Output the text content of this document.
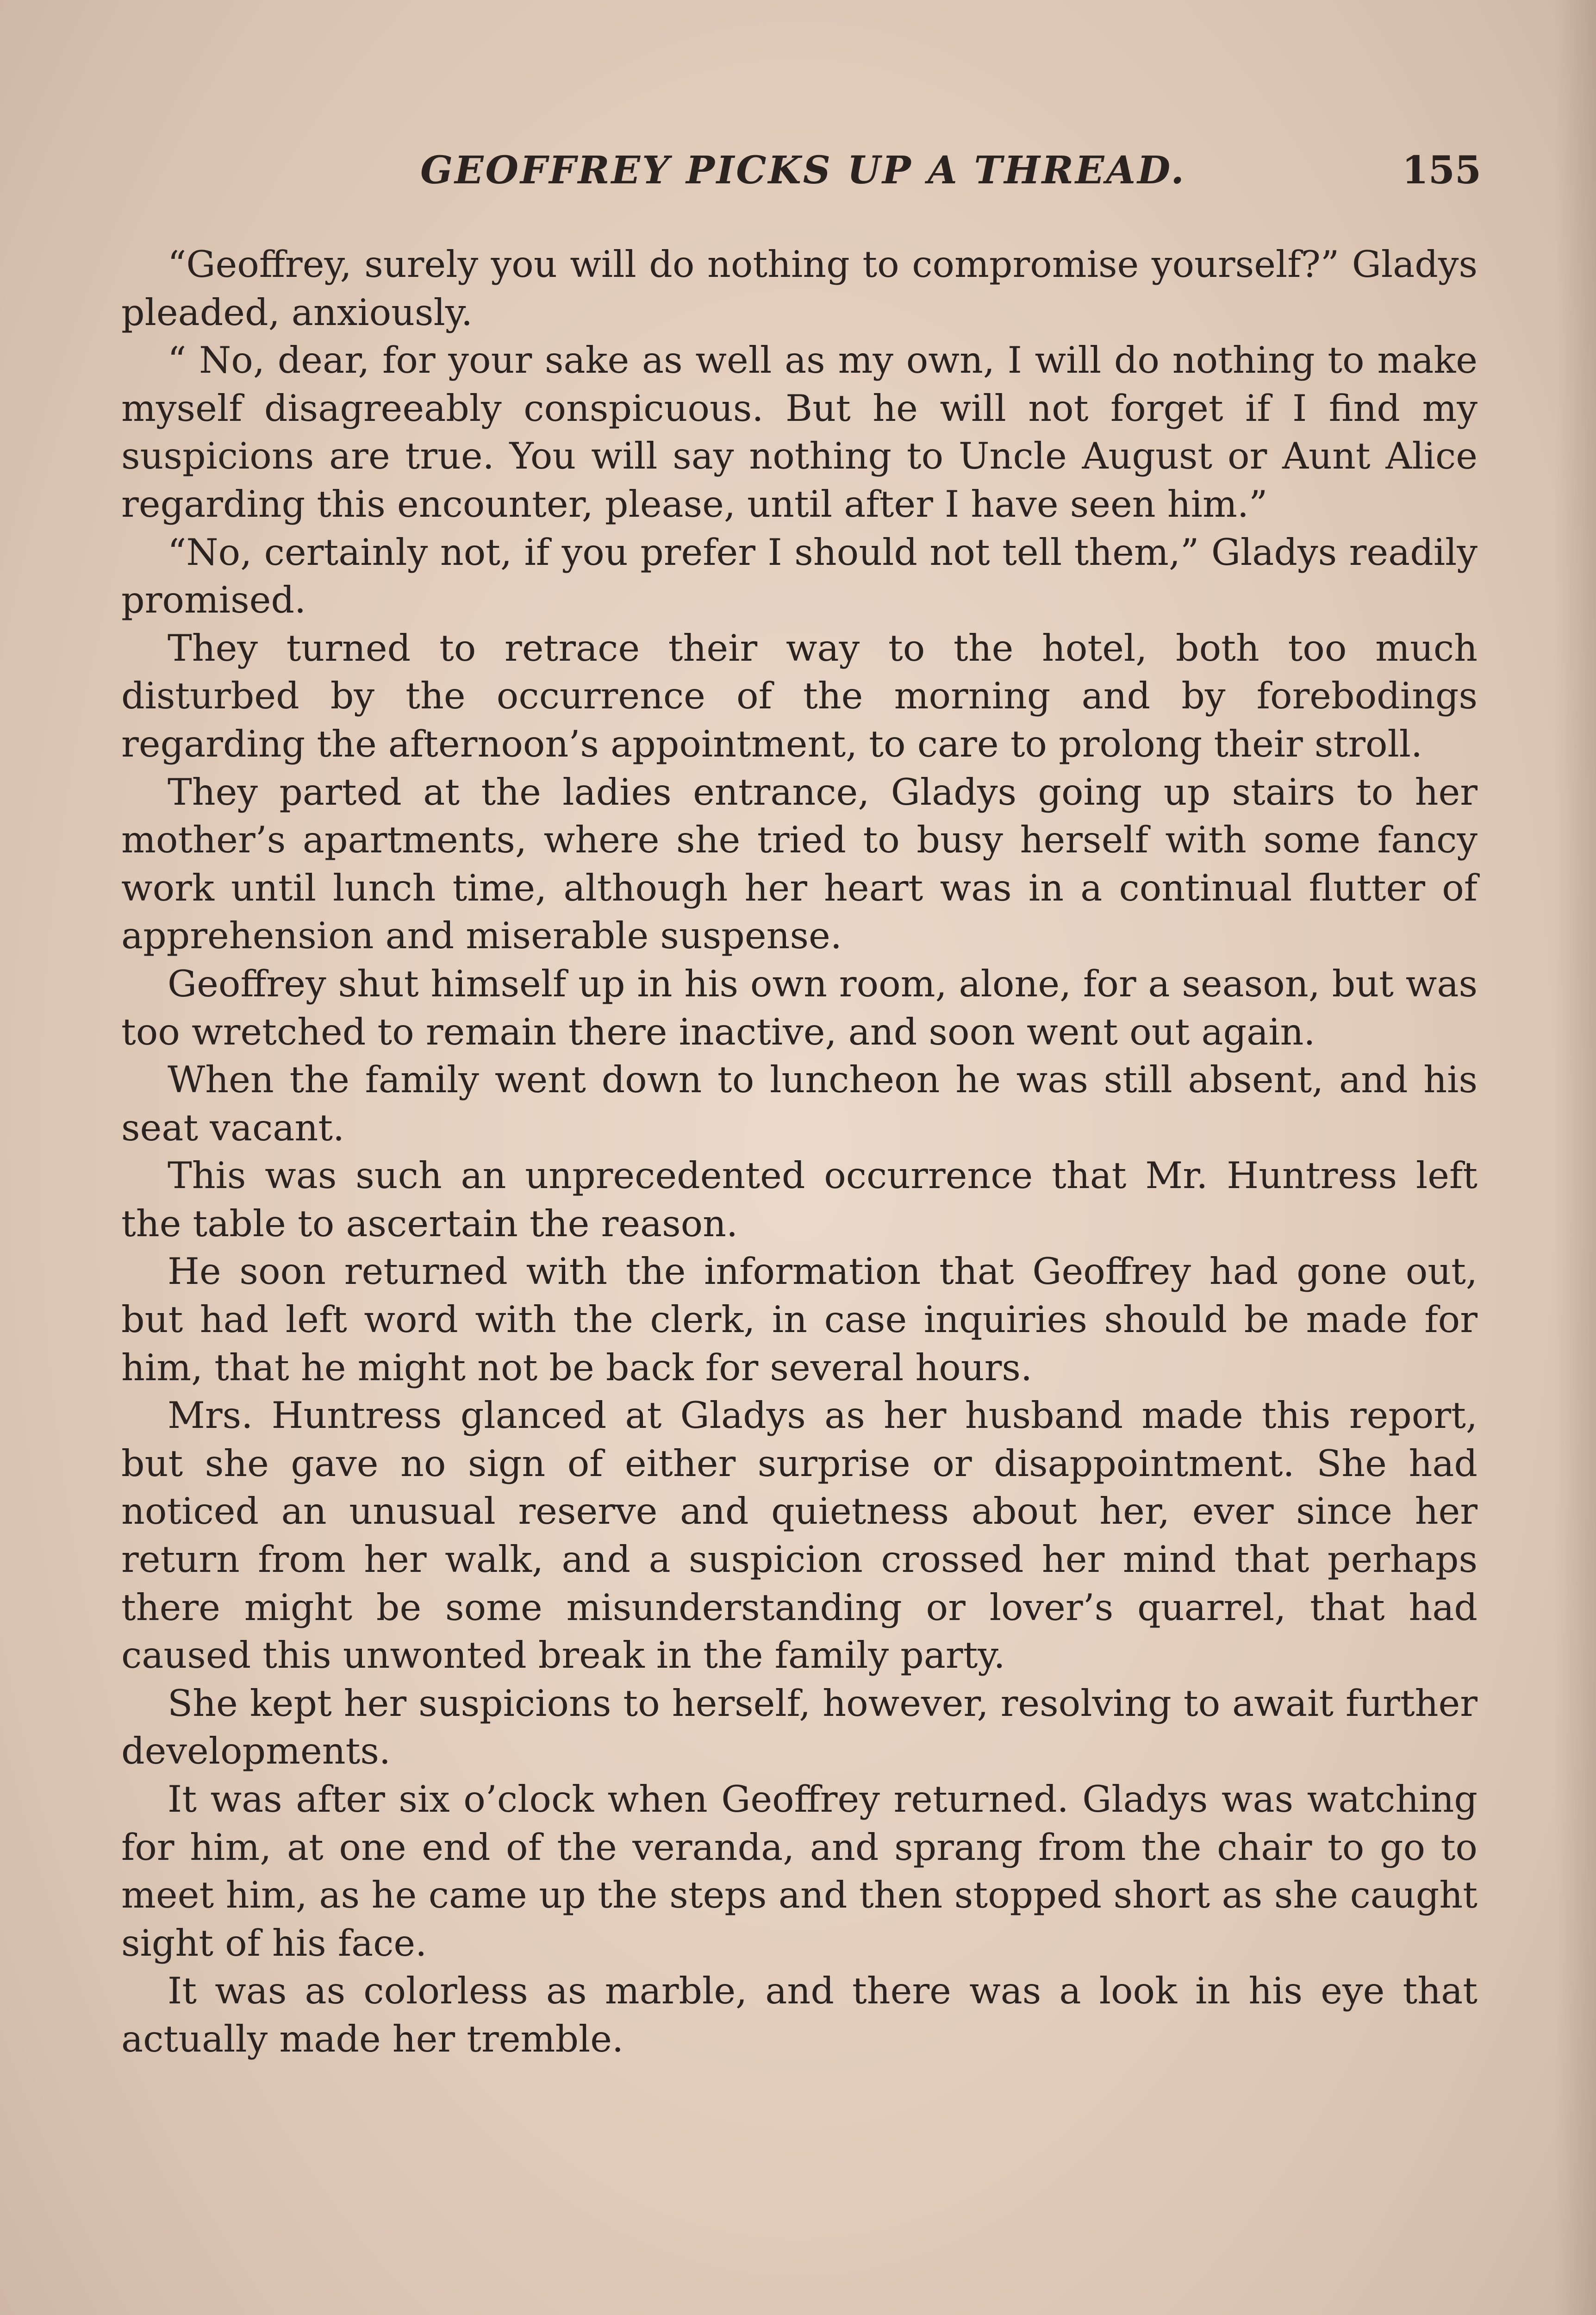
GEOFFREY PICKS UP A THREAD.	155

“Geoffrey, surely you will do nothing to compromise yourself?” Gladys pleaded, anxiously.

“ No, dear, for your sake as well as my own, I will do nothing to make myself disagreeably conspicuous. But he will not forget if I find my suspicions are true. You will say nothing to Uncle August or Aunt Alice regarding this encounter, please, until after I have seen him.”

“No, certainly not, if you prefer I should not tell them,” Gladys readily promised.

They turned to retrace their way to the hotel, both too much disturbed by the occurrence of the morning and by forebodings regarding the afternoon’s appointment, to care to prolong their stroll.

They parted at the ladies entrance, Gladys going up stairs to her mother’s apartments, where she tried to busy herself with some fancy work until lunch time, although her heart was in a continual flutter of apprehension and miserable suspense.

Geoffrey shut himself up in his own room, alone, for a season, but was too wretched to remain there inactive, and soon went out again.

When the family went down to luncheon he was still absent, and his seat vacant.

This was such an unprecedented occurrence that Mr. Huntress left the table to ascertain the reason.

He soon returned with the information that Geoffrey had gone out, but had left word with the clerk, in case inquiries should be made for him, that he might not be back for several hours.

Mrs. Huntress glanced at Gladys as her husband made this report, but she gave no sign of either surprise or disappointment. She had noticed an unusual reserve and quietness about her, ever since her return from her walk, and a suspicion crossed her mind that perhaps there might be some misunderstanding or lover’s quarrel, that had caused this unwonted break in the family party.

She kept her suspicions to herself, however, resolving to await further developments.

It was after six o’clock when Geoffrey returned. Gladys was watching for him, at one end of the veranda, and sprang from the chair to go to meet him, as he came up the steps and then stopped short as she caught sight of his face.

It was as colorless as marble, and there was a look in his eye that actually made her tremble.
